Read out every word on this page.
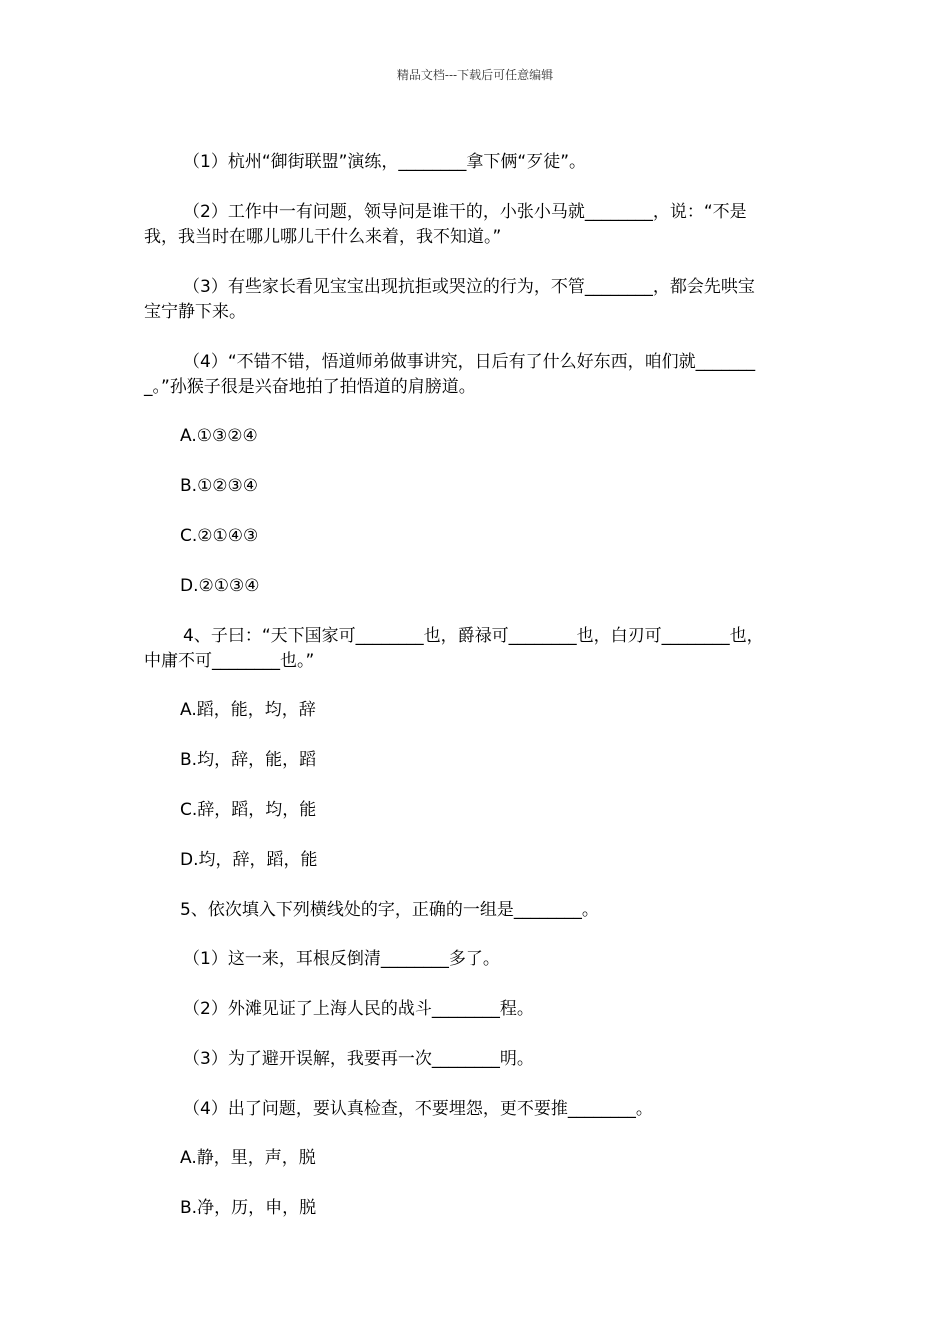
精品文档---下载后可任意编辑
（1）杭州“御街联盟”演练，________拿下俩“歹徒”。
（2）工作中一有问题，领导问是谁干的，小张小马就________，说：“不是
我，我当时在哪儿哪儿干什么来着，我不知道。”
（3）有些家长看见宝宝出现抗拒或哭泣的行为，不管________，都会先哄宝
宝宁静下来。
（4）“不错不错，悟道师弟做事讲究，日后有了什么好东西，咱们就_______
_。”孙猴子很是兴奋地拍了拍悟道的肩膀道。
A.①③②④
B.①②③④
C.②①④③
D.②①③④
4、子曰：“天下国家可________也，爵禄可________也，白刃可________也，
中庸不可________也。”
A.蹈，能，均，辞
B.均，辞，能，蹈
C.辞，蹈，均，能
D.均，辞，蹈，能
5、依次填入下列横线处的字，正确的一组是________。
（1）这一来，耳根反倒清________多了。
（2）外滩见证了上海人民的战斗________程。
（3）为了避开误解，我要再一次________明。
（4）出了问题，要认真检查，不要埋怨，更不要推________。
A.静，里，声，脱
B.净，历，申，脱
